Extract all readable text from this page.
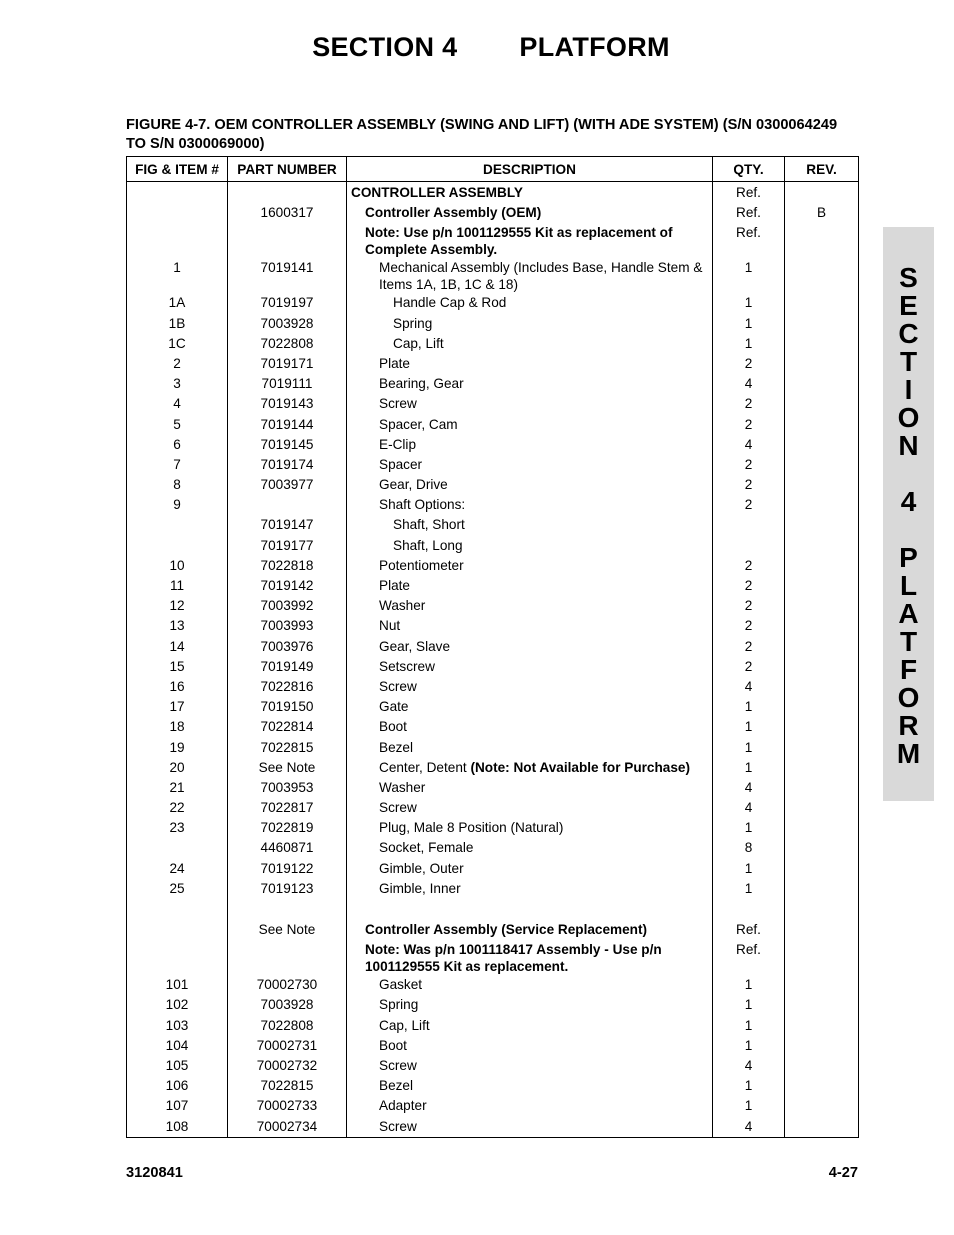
SECTION 4 PLATFORM
FIGURE 4-7. OEM CONTROLLER ASSEMBLY (SWING AND LIFT) (WITH ADE SYSTEM) (S/N 0300064249 TO S/N 0300069000)
FIG & ITEM #	PART NUMBER	DESCRIPTION	QTY.	REV.
		CONTROLLER ASSEMBLY	Ref.	
	1600317	Controller Assembly (OEM)	Ref.	B
		Note: Use p/n 1001129555 Kit as replacement of Complete Assembly.	Ref.	
1	7019141	Mechanical Assembly (Includes Base, Handle Stem & Items 1A, 1B, 1C & 18)	1	
1A	7019197	Handle Cap & Rod	1	
1B	7003928	Spring	1	
1C	7022808	Cap, Lift	1	
2	7019171	Plate	2	
3	7019111	Bearing, Gear	4	
4	7019143	Screw	2	
5	7019144	Spacer, Cam	2	
6	7019145	E-Clip	4	
7	7019174	Spacer	2	
8	7003977	Gear, Drive	2	
9		Shaft Options:	2	
	7019147	Shaft, Short		
	7019177	Shaft, Long		
10	7022818	Potentiometer	2	
11	7019142	Plate	2	
12	7003992	Washer	2	
13	7003993	Nut	2	
14	7003976	Gear, Slave	2	
15	7019149	Setscrew	2	
16	7022816	Screw	4	
17	7019150	Gate	1	
18	7022814	Boot	1	
19	7022815	Bezel	1	
20	See Note	Center, Detent (Note: Not Available for Purchase)	1	
21	7003953	Washer	4	
22	7022817	Screw	4	
23	7022819	Plug, Male 8 Position (Natural)	1	
	4460871	Socket, Female	8	
24	7019122	Gimble, Outer	1	
25	7019123	Gimble, Inner	1	

	See Note	Controller Assembly (Service Replacement)	Ref.	
		Note: Was p/n 1001118417 Assembly - Use p/n 1001129555 Kit as replacement.	Ref.	
101	70002730	Gasket	1	
102	7003928	Spring	1	
103	7022808	Cap, Lift	1	
104	70002731	Boot	1	
105	70002732	Screw	4	
106	7022815	Bezel	1	
107	70002733	Adapter	1	
108	70002734	Screw	4	
3120841	4-27
S
E
C
T
I
O
N
4
P
L
A
T
F
O
R
M
